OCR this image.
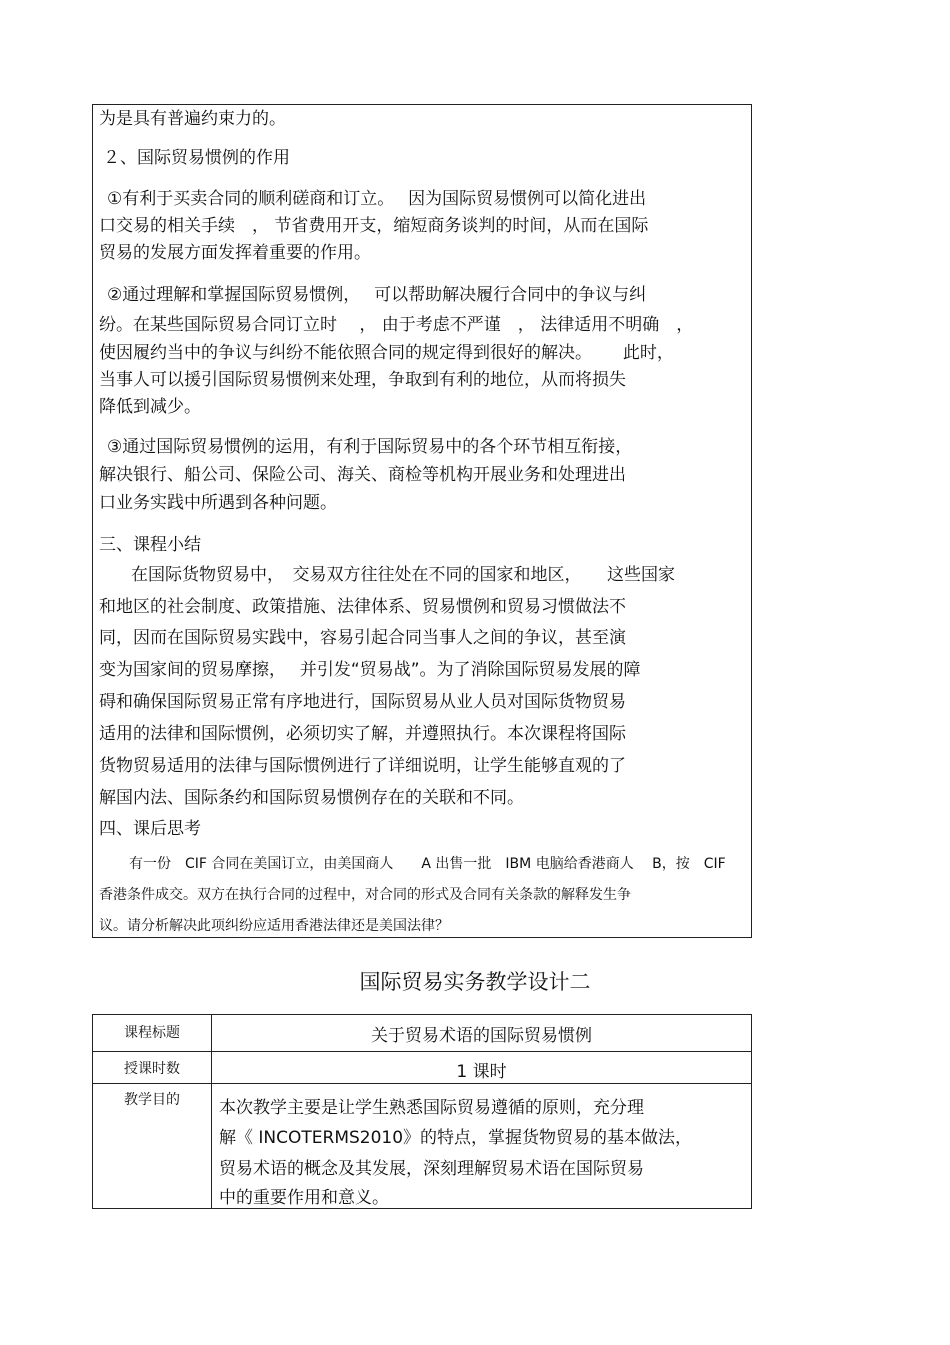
为是具有普遍约束力的。
２、国际贸易惯例的作用
①有利于买卖合同的顺利磋商和订立。　 因为国际贸易惯例可以简化进出
口交易的相关手续　， 节省费用开支，缩短商务谈判的时间，从而在国际
贸易的发展方面发挥着重要的作用。
②通过理解和掌握国际贸易惯例，　 可以帮助解决履行合同中的争议与纠
纷。在某些国际贸易合同订立时　 ， 由于考虑不严谨　， 法律适用不明确　，
使因履约当中的争议与纠纷不能依照合同的规定得到很好的解决。　　 此时，
当事人可以援引国际贸易惯例来处理，争取到有利的地位，从而将损失
降低到减少。
③通过国际贸易惯例的运用，有利于国际贸易中的各个环节相互衔接，
解决银行、船公司、保险公司、海关、商检等机构开展业务和处理进出
口业务实践中所遇到各种问题。
三、课程小结
在国际货物贸易中，　交易双方往往处在不同的国家和地区，　　这些国家
和地区的社会制度、政策措施、法律体系、贸易惯例和贸易习惯做法不
同，因而在国际贸易实践中，容易引起合同当事人之间的争议，甚至演
变为国家间的贸易摩擦，　 并引发“贸易战”。为了消除国际贸易发展的障
碍和确保国际贸易正常有序地进行，国际贸易从业人员对国际货物贸易
适用的法律和国际惯例，必须切实了解，并遵照执行。本次课程将国际
货物贸易适用的法律与国际惯例进行了详细说明，让学生能够直观的了
解国内法、国际条约和国际贸易惯例存在的关联和不同。
四、课后思考
有一份　CIF 合同在美国订立，由美国商人　　A 出售一批　IBM 电脑给香港商人　 B，按　CIF
香港条件成交。双方在执行合同的过程中，对合同的形式及合同有关条款的解释发生争
议。请分析解决此项纠纷应适用香港法律还是美国法律？
国际贸易实务教学设计二
课程标题	关于贸易术语的国际贸易惯例
授课时数	1 课时
教学目的	本次教学主要是让学生熟悉国际贸易遵循的原则，充分理
解《 INCOTERMS2010》的特点，掌握货物贸易的基本做法，
贸易术语的概念及其发展，深刻理解贸易术语在国际贸易
中的重要作用和意义。
